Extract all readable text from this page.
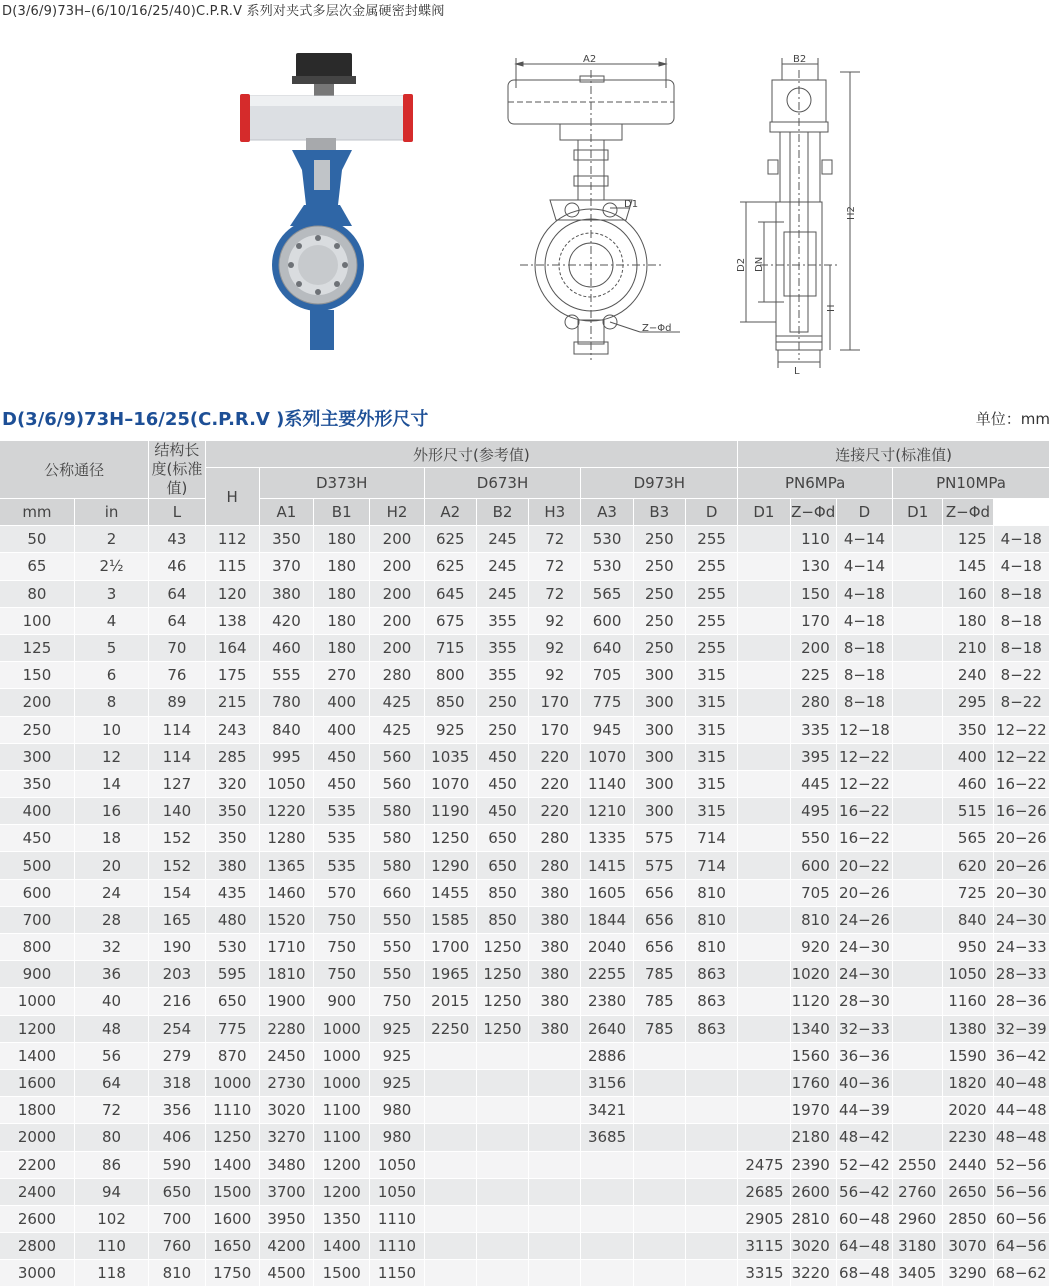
D(3/6/9)73H–(6/10/16/25/40)C.P.R.V 系列对夹式多层次金属硬密封蝶阀
A2
D1
Z−Φd
B2
H2
H
D2 DN
L
D(3/6/9)73H–16/25(C.P.R.V )系列主要外形尺寸	单位：mm
公称通径		结构长度(标准值)	外形尺寸(参考值)										连接尺寸(标准值)					
			H	D373H			D673H			D973H			PN6MPa			PN10MPa		
mm	in	L		A1	B1	H2	A2	B2	H3	A3	B3	D	D1	Z−Φd	D	D1	Z−Φd	
50	2	43	112	350	180	200	625	245	72	530	250	255		110	4−14		125	4−18
65	2½	46	115	370	180	200	625	245	72	530	250	255		130	4−14		145	4−18
80	3	64	120	380	180	200	645	245	72	565	250	255		150	4−18		160	8−18
100	4	64	138	420	180	200	675	355	92	600	250	255		170	4−18		180	8−18
125	5	70	164	460	180	200	715	355	92	640	250	255		200	8−18		210	8−18
150	6	76	175	555	270	280	800	355	92	705	300	315		225	8−18		240	8−22
200	8	89	215	780	400	425	850	250	170	775	300	315		280	8−18		295	8−22
250	10	114	243	840	400	425	925	250	170	945	300	315		335	12−18		350	12−22
300	12	114	285	995	450	560	1035	450	220	1070	300	315		395	12−22		400	12−22
350	14	127	320	1050	450	560	1070	450	220	1140	300	315		445	12−22		460	16−22
400	16	140	350	1220	535	580	1190	450	220	1210	300	315		495	16−22		515	16−26
450	18	152	350	1280	535	580	1250	650	280	1335	575	714		550	16−22		565	20−26
500	20	152	380	1365	535	580	1290	650	280	1415	575	714		600	20−22		620	20−26
600	24	154	435	1460	570	660	1455	850	380	1605	656	810		705	20−26		725	20−30
700	28	165	480	1520	750	550	1585	850	380	1844	656	810		810	24−26		840	24−30
800	32	190	530	1710	750	550	1700	1250	380	2040	656	810		920	24−30		950	24−33
900	36	203	595	1810	750	550	1965	1250	380	2255	785	863		1020	24−30		1050	28−33
1000	40	216	650	1900	900	750	2015	1250	380	2380	785	863		1120	28−30		1160	28−36
1200	48	254	775	2280	1000	925	2250	1250	380	2640	785	863		1340	32−33		1380	32−39
1400	56	279	870	2450	1000	925				2886				1560	36−36		1590	36−42
1600	64	318	1000	2730	1000	925				3156				1760	40−36		1820	40−48
1800	72	356	1110	3020	1100	980				3421				1970	44−39		2020	44−48
2000	80	406	1250	3270	1100	980				3685				2180	48−42		2230	48−48
2200	86	590	1400	3480	1200	1050							2475	2390	52−42	2550	2440	52−56
2400	94	650	1500	3700	1200	1050							2685	2600	56−42	2760	2650	56−56
2600	102	700	1600	3950	1350	1110							2905	2810	60−48	2960	2850	60−56
2800	110	760	1650	4200	1400	1110							3115	3020	64−48	3180	3070	64−56
3000	118	810	1750	4500	1500	1150							3315	3220	68−48	3405	3290	68−62
